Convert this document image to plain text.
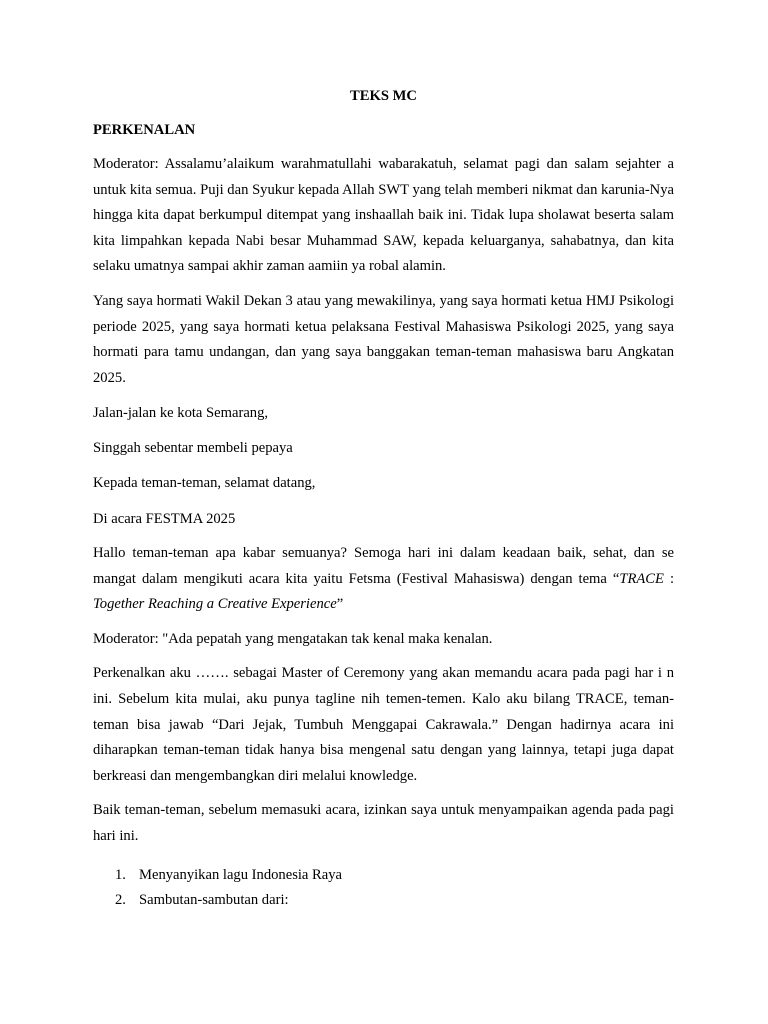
TEKS MC

PERKENALAN

Moderator: Assalamu’alaikum warahmatullahi wabarakatuh, selamat pagi dan salam sejahter a untuk kita semua. Puji dan Syukur kepada Allah SWT yang telah memberi nikmat dan karunia-Nya hingga kita dapat berkumpul ditempat yang inshaallah baik ini. Tidak lupa sholawat beserta salam kita limpahkan kepada Nabi besar Muhammad SAW, kepada keluarganya, sahabatnya, dan kita selaku umatnya sampai akhir zaman aamiin ya robal alamin.

Yang saya hormati Wakil Dekan 3 atau yang mewakilinya, yang saya hormati ketua HMJ Psikologi periode 2025, yang saya hormati ketua pelaksana Festival Mahasiswa Psikologi 2025, yang saya hormati para tamu undangan, dan yang saya banggakan teman-teman mahasiswa baru Angkatan 2025.

Jalan-jalan ke kota Semarang,

Singgah sebentar membeli pepaya

Kepada teman-teman, selamat datang,

Di acara FESTMA 2025

Hallo teman-teman apa kabar semuanya? Semoga hari ini dalam keadaan baik, sehat, dan se mangat dalam mengikuti acara kita yaitu Fetsma (Festival Mahasiswa) dengan tema “TRACE : Together Reaching a Creative Experience”

Moderator: "Ada pepatah yang mengatakan tak kenal maka kenalan.

Perkenalkan aku ……. sebagai Master of Ceremony yang akan memandu acara pada pagi har i n ini. Sebelum kita mulai, aku punya tagline nih temen-temen. Kalo aku bilang TRACE, teman-teman bisa jawab “Dari Jejak, Tumbuh Menggapai Cakrawala.” Dengan hadirnya acara ini diharapkan teman-teman tidak hanya bisa mengenal satu dengan yang lainnya, tetapi juga dapat berkreasi dan mengembangkan diri melalui knowledge.

Baik teman-teman, sebelum memasuki acara, izinkan saya untuk menyampaikan agenda pada pagi hari ini.

1. Menyanyikan lagu Indonesia Raya
2. Sambutan-sambutan dari:
